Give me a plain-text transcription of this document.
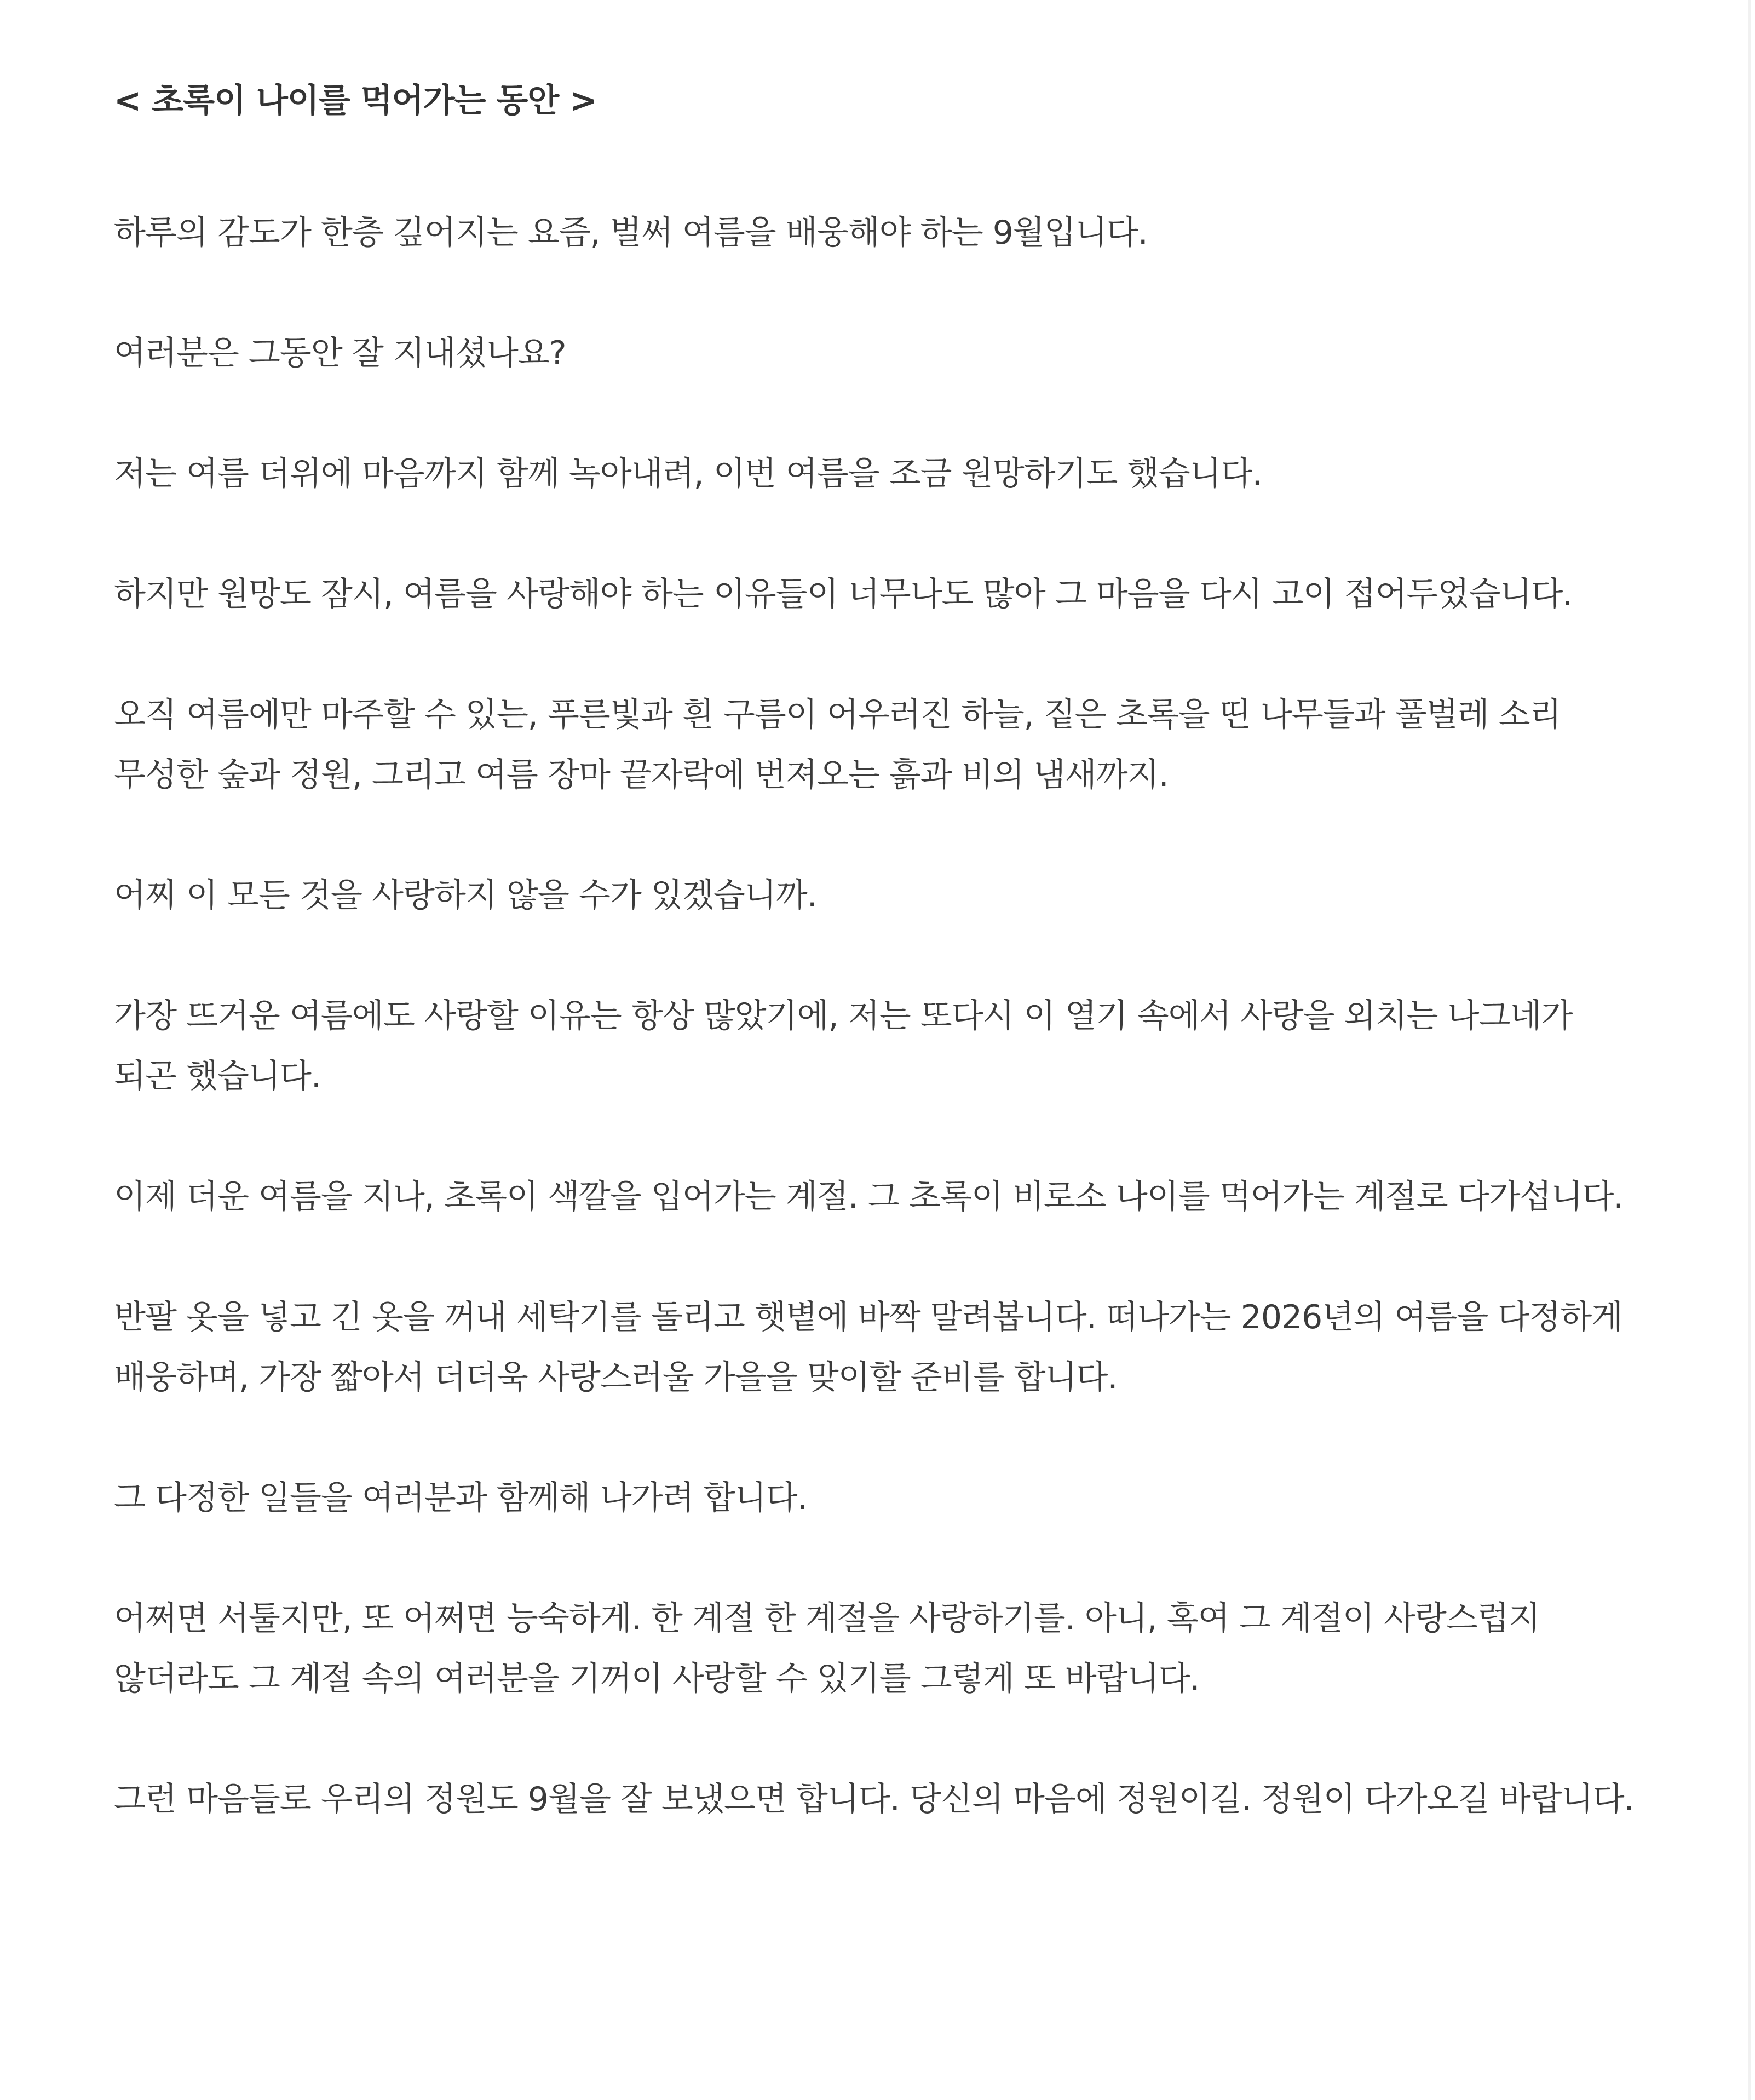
< 초록이 나이를 먹어가는 동안 >

하루의 감도가 한층 깊어지는 요즘, 벌써 여름을 배웅해야 하는 9월입니다.

여러분은 그동안 잘 지내셨나요?

저는 여름 더위에 마음까지 함께 녹아내려, 이번 여름을 조금 원망하기도 했습니다.

하지만 원망도 잠시, 여름을 사랑해야 하는 이유들이 너무나도 많아 그 마음을 다시 고이 접어두었습니다.

오직 여름에만 마주할 수 있는, 푸른빛과 흰 구름이 어우러진 하늘, 짙은 초록을 띤 나무들과 풀벌레 소리 무성한 숲과 정원, 그리고 여름 장마 끝자락에 번져오는 흙과 비의 냄새까지.

어찌 이 모든 것을 사랑하지 않을 수가 있겠습니까.

가장 뜨거운 여름에도 사랑할 이유는 항상 많았기에, 저는 또다시 이 열기 속에서 사랑을 외치는 나그네가 되곤 했습니다.

이제 더운 여름을 지나, 초록이 색깔을 입어가는 계절. 그 초록이 비로소 나이를 먹어가는 계절로 다가섭니다.

반팔 옷을 넣고 긴 옷을 꺼내 세탁기를 돌리고 햇볕에 바짝 말려봅니다. 떠나가는 2026년의 여름을 다정하게 배웅하며, 가장 짧아서 더더욱 사랑스러울 가을을 맞이할 준비를 합니다.

그 다정한 일들을 여러분과 함께해 나가려 합니다.

어쩌면 서툴지만, 또 어쩌면 능숙하게. 한 계절 한 계절을 사랑하기를. 아니, 혹여 그 계절이 사랑스럽지 않더라도 그 계절 속의 여러분을 기꺼이 사랑할 수 있기를 그렇게 또 바랍니다.

그런 마음들로 우리의 정원도 9월을 잘 보냈으면 합니다. 당신의 마음에 정원이길. 정원이 다가오길 바랍니다.
